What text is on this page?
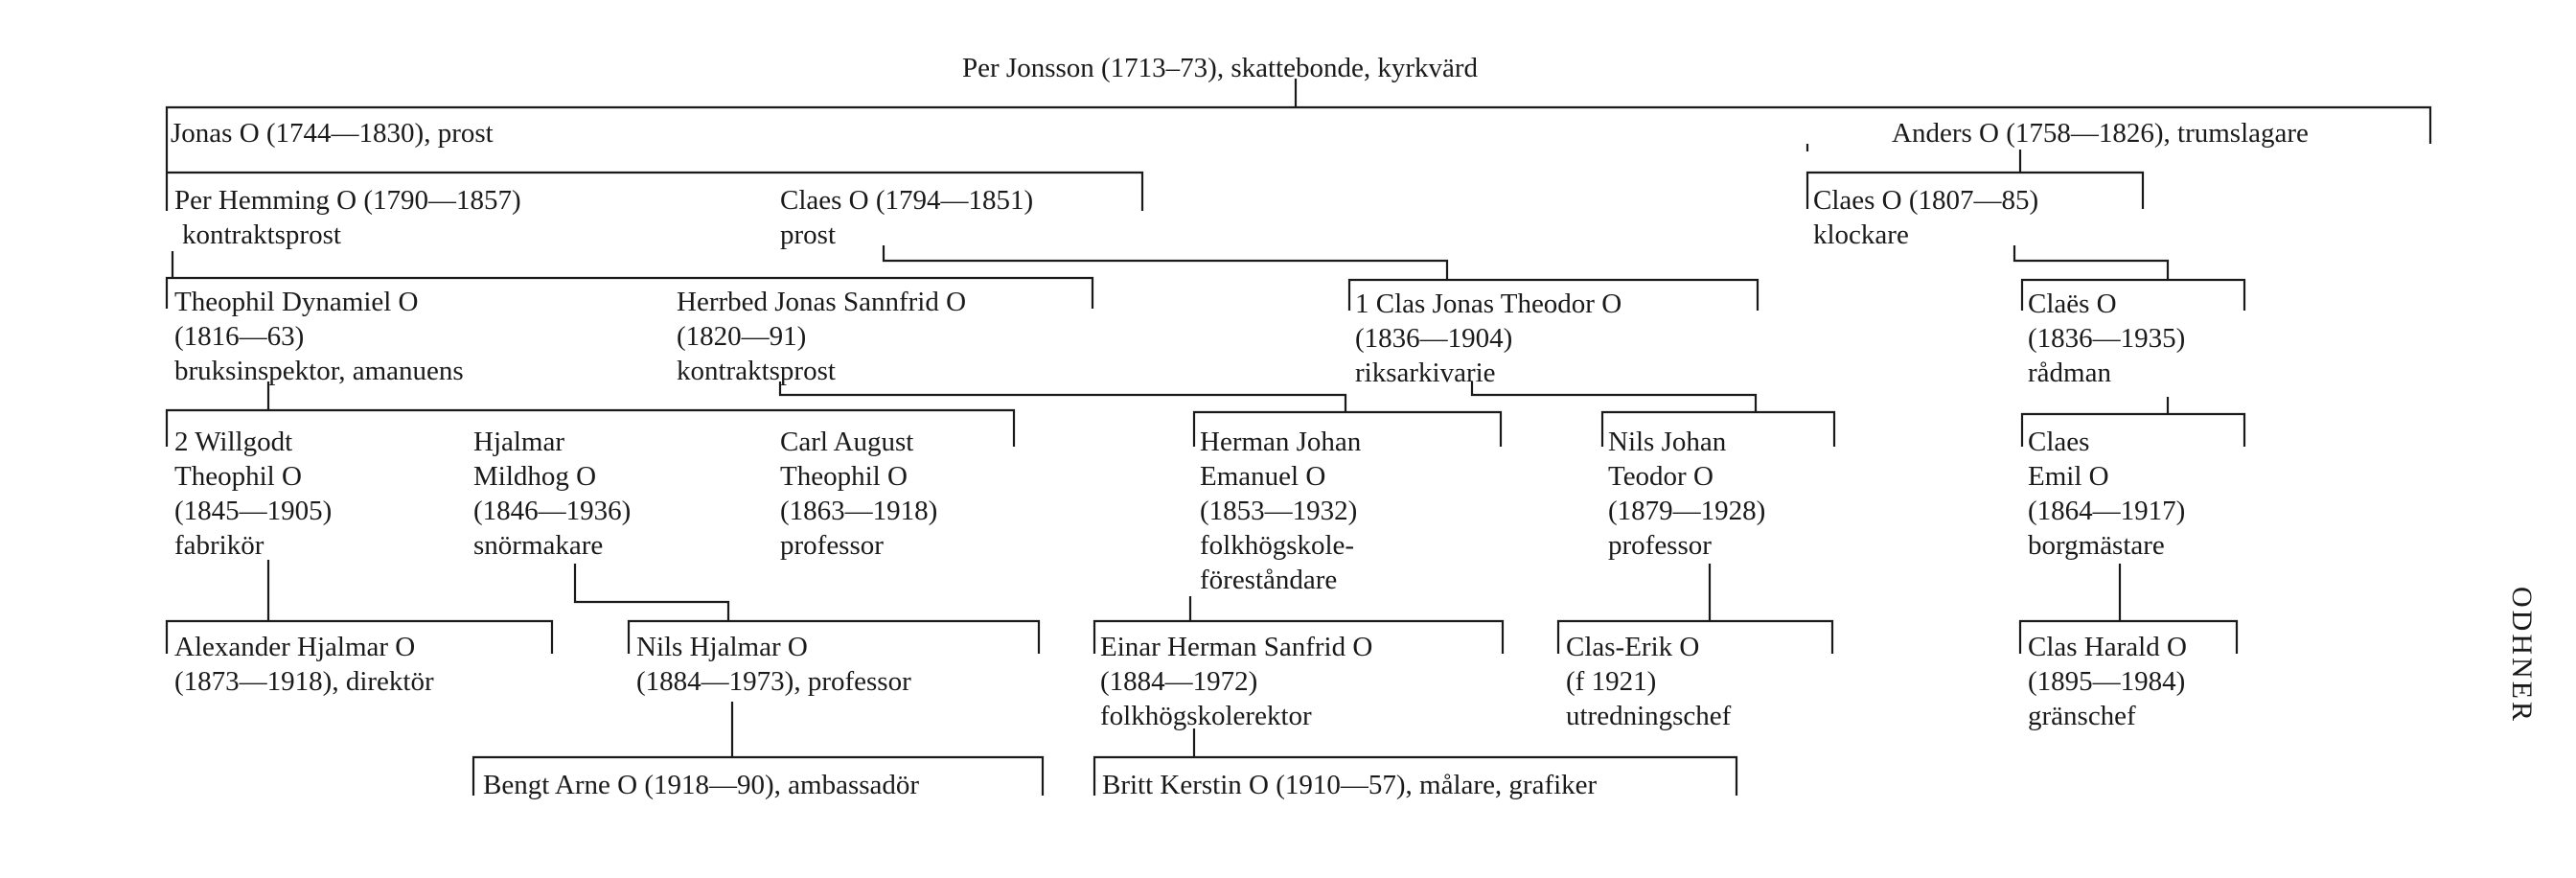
ODHNER
Per Jonsson (1713–73), skattebonde, kyrkvärd
Jonas O (1744—1830), prost	Anders O (1758—1826), trumslagare
Per Hemming O (1790—1857)
kontraktsprost
Claes O (1794—1851)
prost
Claes O (1807—85)
klockare
Theophil Dynamiel O
(1816—63)
bruksinspektor, amanuens
Herrbed Jonas Sannfrid O
(1820—91)
kontraktsprost
1 Clas Jonas Theodor O
(1836—1904)
riksarkivarie
Claës O
(1836—1935)
rådman
2 Willgodt
Theophil O
(1845—1905)
fabrikör
Hjalmar
Mildhog O
(1846—1936)
snörmakare
Carl August
Theophil O
(1863—1918)
professor
Herman Johan
Emanuel O
(1853—1932)
folkhögskole-
föreståndare
Nils Johan
Teodor O
(1879—1928)
professor
Claes
Emil O
(1864—1917)
borgmästare
Alexander Hjalmar O
(1873—1918), direktör
Nils Hjalmar O
(1884—1973), professor
Einar Herman Sanfrid O
(1884—1972)
folkhögskolerektor
Clas-Erik O
(f 1921)
utredningschef
Clas Harald O
(1895—1984)
gränschef
Bengt Arne O (1918—90), ambassadör	Britt Kerstin O (1910—57), målare, grafiker
